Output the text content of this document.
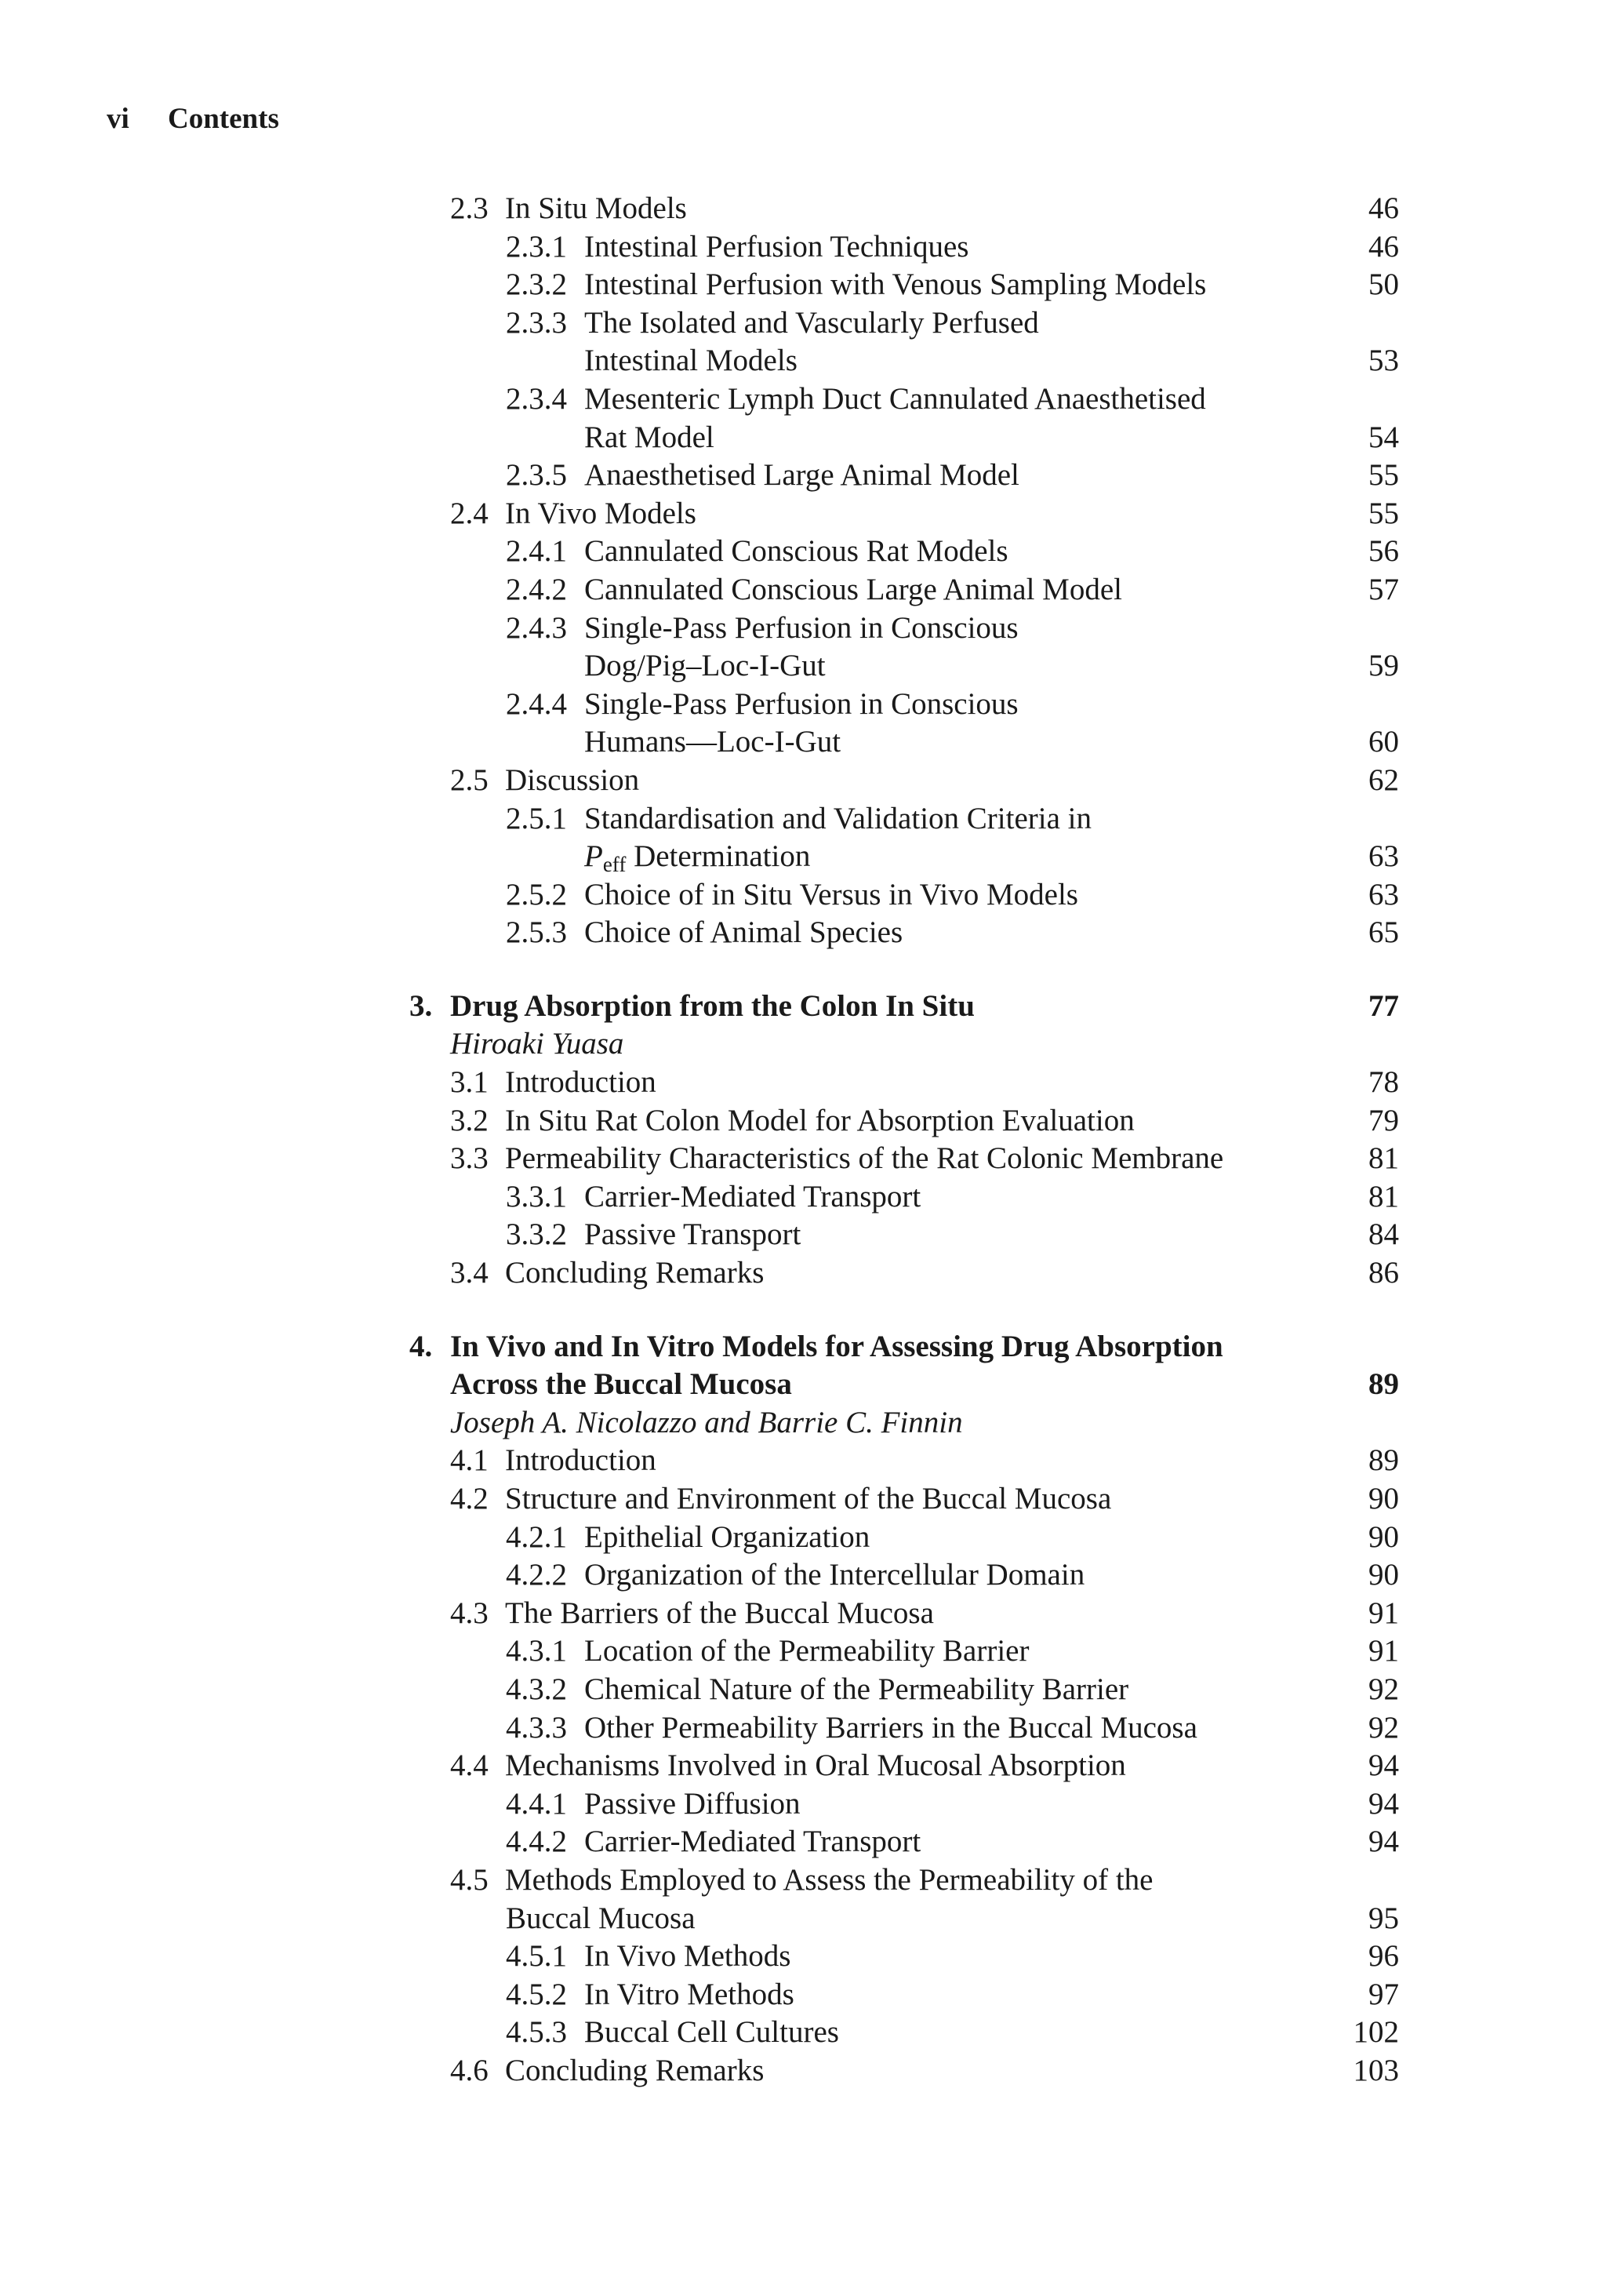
vi Contents
2.3 In Situ Models	46
2.3.1 Intestinal Perfusion Techniques	46
2.3.2 Intestinal Perfusion with Venous Sampling Models	50
2.3.3 The Isolated and Vascularly Perfused
Intestinal Models	53
2.3.4 Mesenteric Lymph Duct Cannulated Anaesthetised
Rat Model	54
2.3.5 Anaesthetised Large Animal Model	55
2.4 In Vivo Models	55
2.4.1 Cannulated Conscious Rat Models	56
2.4.2 Cannulated Conscious Large Animal Model	57
2.4.3 Single-Pass Perfusion in Conscious
Dog/Pig–Loc-I-Gut	59
2.4.4 Single-Pass Perfusion in Conscious
Humans—Loc-I-Gut	60
2.5 Discussion	62
2.5.1 Standardisation and Validation Criteria in
$P_{eff}$ Determination	63
2.5.2 Choice of in Situ Versus in Vivo Models	63
2.5.3 Choice of Animal Species	65
3. Drug Absorption from the Colon In Situ	77
Hiroaki Yuasa
3.1 Introduction	78
3.2 In Situ Rat Colon Model for Absorption Evaluation	79
3.3 Permeability Characteristics of the Rat Colonic Membrane	81
3.3.1 Carrier-Mediated Transport	81
3.3.2 Passive Transport	84
3.4 Concluding Remarks	86
4. In Vivo and In Vitro Models for Assessing Drug Absorption
Across the Buccal Mucosa	89
Joseph A. Nicolazzo and Barrie C. Finnin
4.1 Introduction	89
4.2 Structure and Environment of the Buccal Mucosa	90
4.2.1 Epithelial Organization	90
4.2.2 Organization of the Intercellular Domain	90
4.3 The Barriers of the Buccal Mucosa	91
4.3.1 Location of the Permeability Barrier	91
4.3.2 Chemical Nature of the Permeability Barrier	92
4.3.3 Other Permeability Barriers in the Buccal Mucosa	92
4.4 Mechanisms Involved in Oral Mucosal Absorption	94
4.4.1 Passive Diffusion	94
4.4.2 Carrier-Mediated Transport	94
4.5 Methods Employed to Assess the Permeability of the
Buccal Mucosa	95
4.5.1 In Vivo Methods	96
4.5.2 In Vitro Methods	97
4.5.3 Buccal Cell Cultures	102
4.6 Concluding Remarks	103
